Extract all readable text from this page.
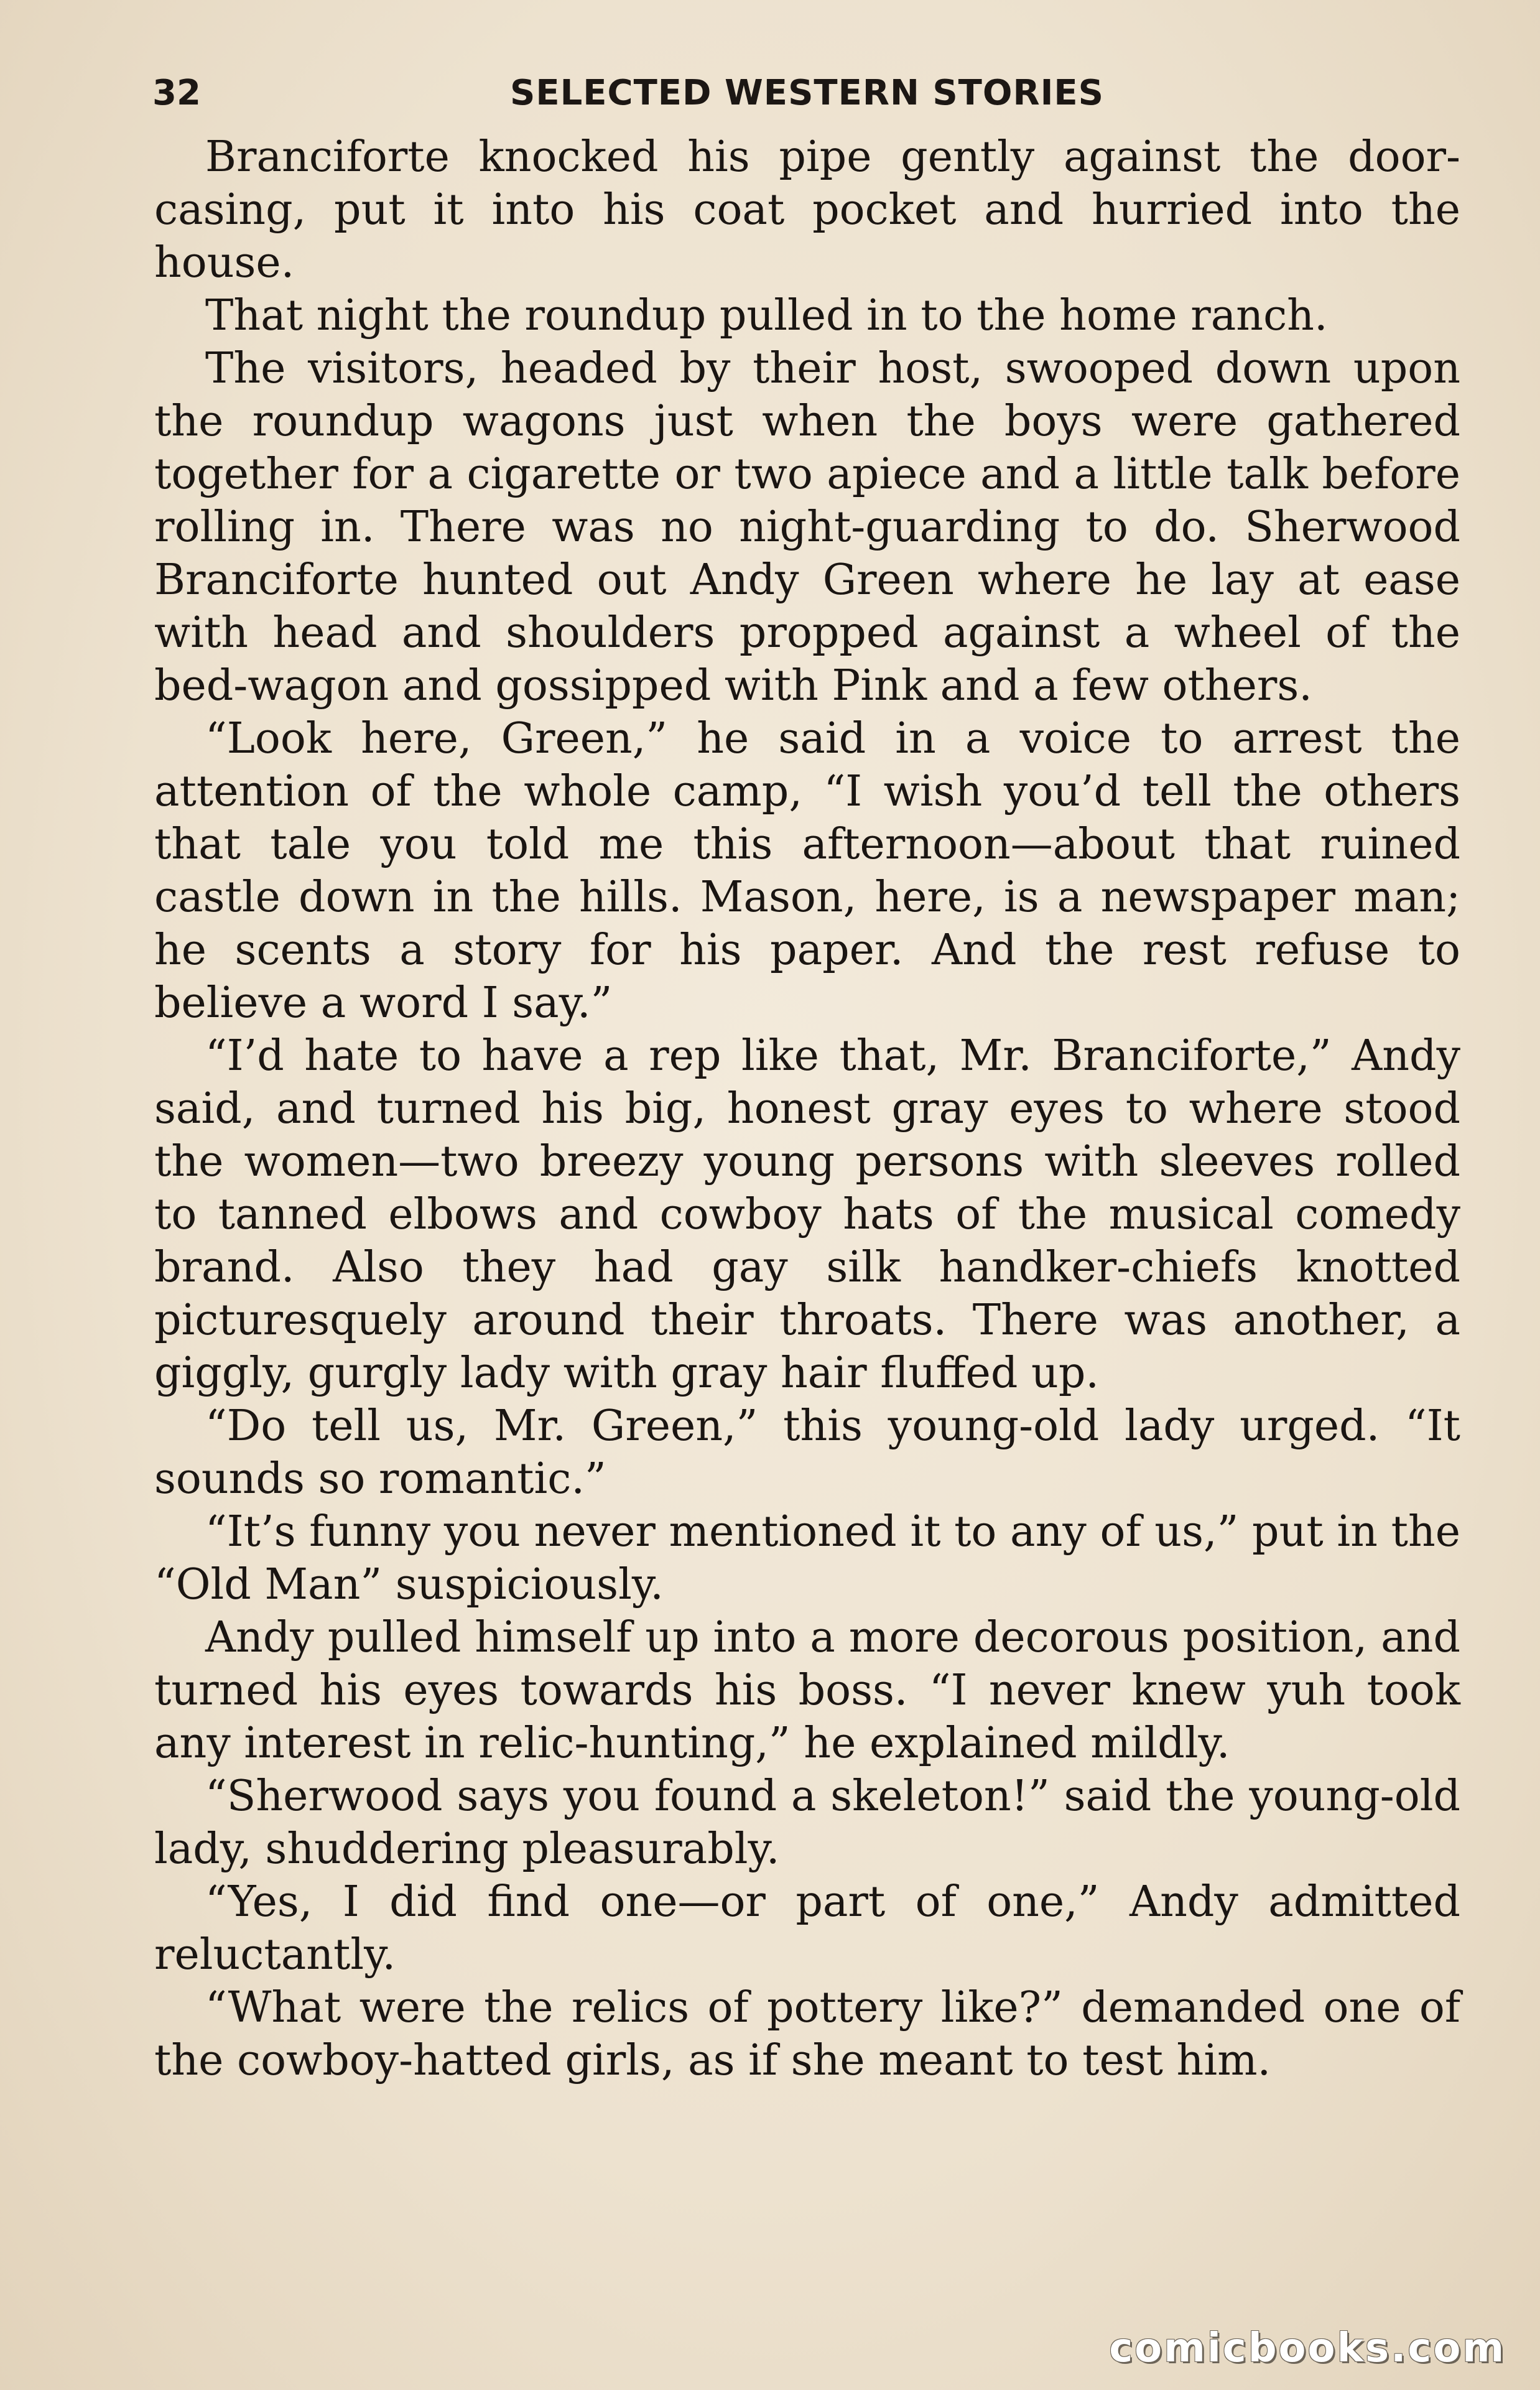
32	SELECTED WESTERN STORIES

Branciforte knocked his pipe gently against the door-casing, put it into his coat pocket and hurried into the house.

That night the roundup pulled in to the home ranch.

The visitors, headed by their host, swooped down upon the roundup wagons just when the boys were gathered together for a cigarette or two apiece and a little talk before rolling in. There was no night-guarding to do. Sherwood Branciforte hunted out Andy Green where he lay at ease with head and shoulders propped against a wheel of the bed-wagon and gossipped with Pink and a few others.

“Look here, Green,” he said in a voice to arrest the attention of the whole camp, “I wish you’d tell the others that tale you told me this afternoon—about that ruined castle down in the hills. Mason, here, is a newspaper man; he scents a story for his paper. And the rest refuse to believe a word I say.”

“I’d hate to have a rep like that, Mr. Branciforte,” Andy said, and turned his big, honest gray eyes to where stood the women—two breezy young persons with sleeves rolled to tanned elbows and cowboy hats of the musical comedy brand. Also they had gay silk handker-chiefs knotted picturesquely around their throats. There was another, a giggly, gurgly lady with gray hair fluffed up.

“Do tell us, Mr. Green,” this young-old lady urged. “It sounds so romantic.”

“It’s funny you never mentioned it to any of us,” put in the “Old Man” suspiciously.

Andy pulled himself up into a more decorous position, and turned his eyes towards his boss. “I never knew yuh took any interest in relic-hunting,” he explained mildly.

“Sherwood says you found a skeleton!” said the young-old lady, shuddering pleasurably.

“Yes, I did find one—or part of one,” Andy admitted reluctantly.

“What were the relics of pottery like?” demanded one of the cowboy-hatted girls, as if she meant to test him.

comicbooks.com
